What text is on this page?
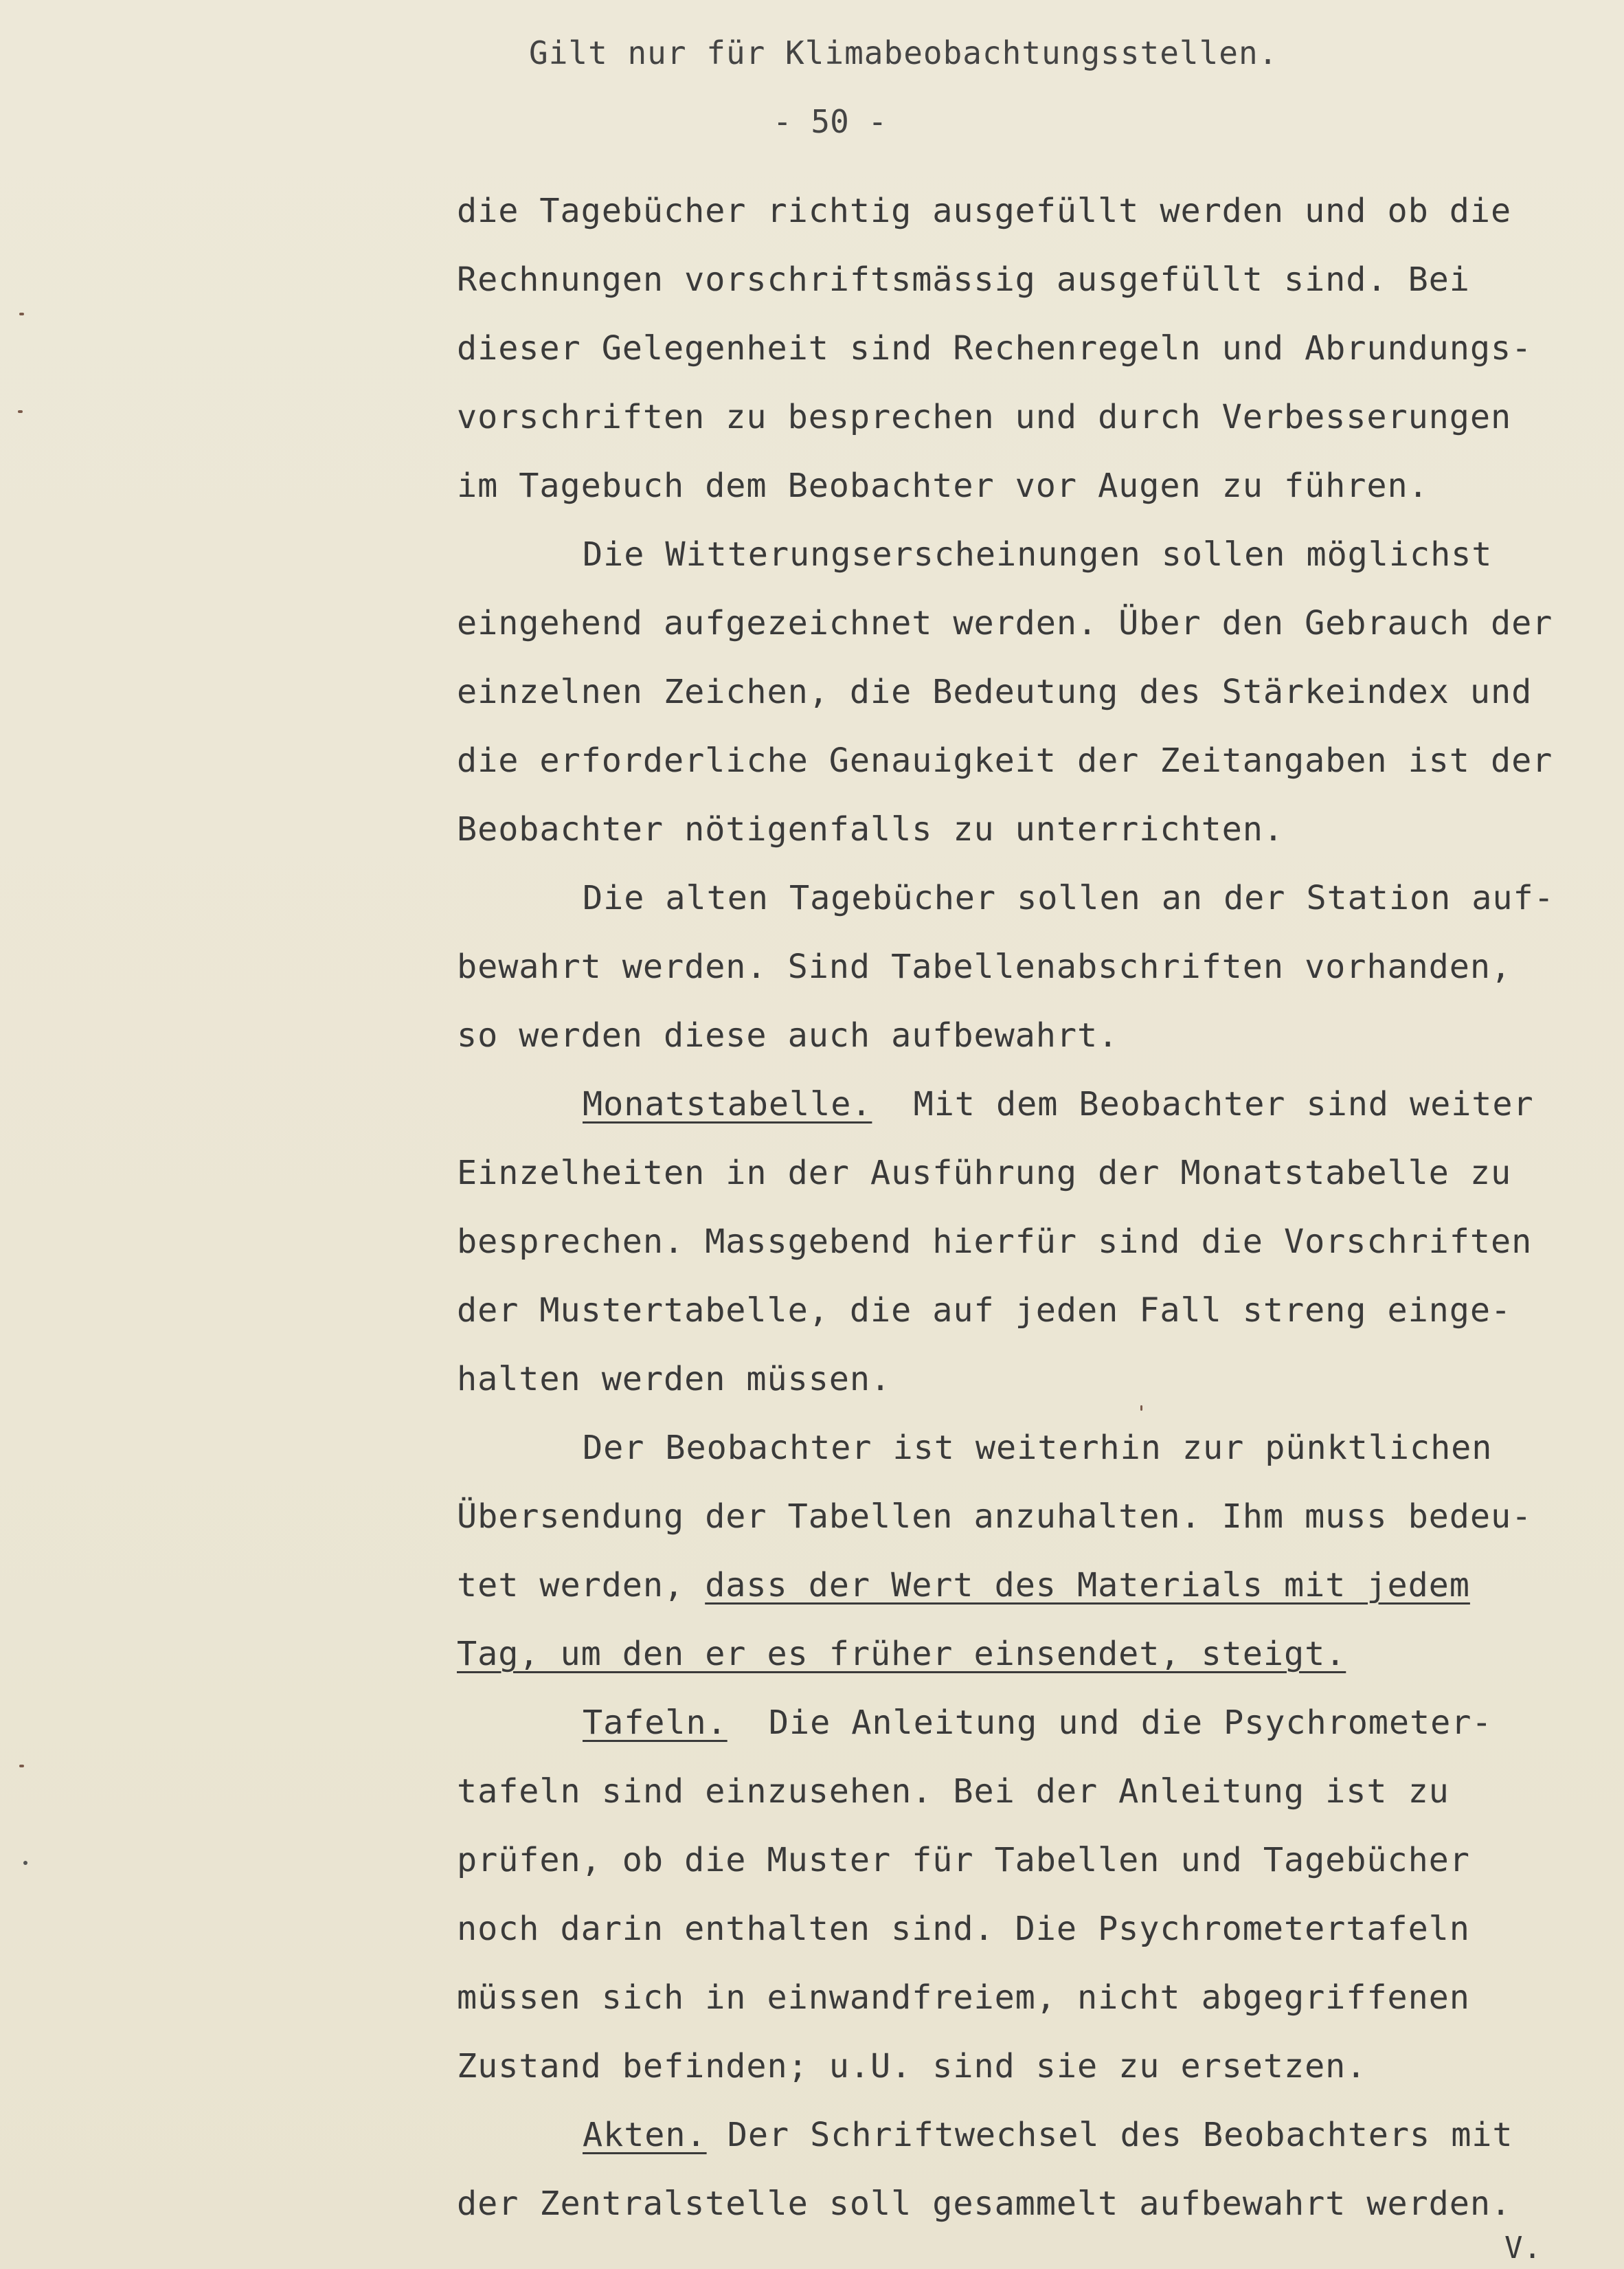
Gilt nur für Klimabeobachtungsstellen.
- 50 -
die Tagebücher richtig ausgefüllt werden und ob die
Rechnungen vorschriftsmässig ausgefüllt sind. Bei
dieser Gelegenheit sind Rechenregeln und Abrundungs-
vorschriften zu besprechen und durch Verbesserungen
im Tagebuch dem Beobachter vor Augen zu führen.
Die Witterungserscheinungen sollen möglichst
eingehend aufgezeichnet werden. Über den Gebrauch der
einzelnen Zeichen, die Bedeutung des Stärkeindex und
die erforderliche Genauigkeit der Zeitangaben ist der
Beobachter nötigenfalls zu unterrichten.
Die alten Tagebücher sollen an der Station auf-
bewahrt werden. Sind Tabellenabschriften vorhanden,
so werden diese auch aufbewahrt.
Monatstabelle. Mit dem Beobachter sind weiter
Einzelheiten in der Ausführung der Monatstabelle zu
besprechen. Massgebend hierfür sind die Vorschriften
der Mustertabelle, die auf jeden Fall streng einge-
halten werden müssen.
Der Beobachter ist weiterhin zur pünktlichen
Übersendung der Tabellen anzuhalten. Ihm muss bedeu-
tet werden, dass der Wert des Materials mit jedem
Tag, um den er es früher einsendet, steigt.
Tafeln. Die Anleitung und die Psychrometer-
tafeln sind einzusehen. Bei der Anleitung ist zu
prüfen, ob die Muster für Tabellen und Tagebücher
noch darin enthalten sind. Die Psychrometertafeln
müssen sich in einwandfreiem, nicht abgegriffenen
Zustand befinden; u.U. sind sie zu ersetzen.
Akten. Der Schriftwechsel des Beobachters mit
der Zentralstelle soll gesammelt aufbewahrt werden.
V.
